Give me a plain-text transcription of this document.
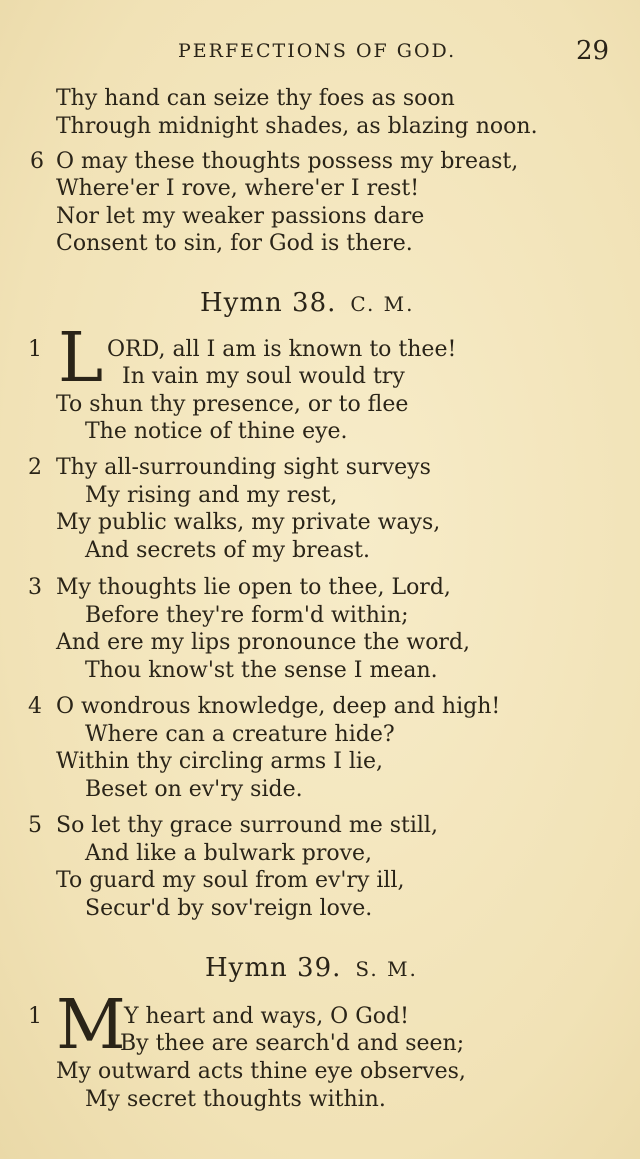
PERFECTIONS OF GOD.	29
Thy hand can seize thy foes as soon
Through midnight shades, as blazing noon.
6 O may these thoughts possess my breast,
Where'er I rove, where'er I rest!
Nor let my weaker passions dare
Consent to sin, for God is there.
Hymn 38. C. M.
1 L ORD, all I am is known to thee!
In vain my soul would try
To shun thy presence, or to flee
The notice of thine eye.
2 Thy all-surrounding sight surveys
My rising and my rest,
My public walks, my private ways,
And secrets of my breast.
3 My thoughts lie open to thee, Lord,
Before they're form'd within;
And ere my lips pronounce the word,
Thou know'st the sense I mean.
4 O wondrous knowledge, deep and high!
Where can a creature hide?
Within thy circling arms I lie,
Beset on ev'ry side.
5 So let thy grace surround me still,
And like a bulwark prove,
To guard my soul from ev'ry ill,
Secur'd by sov'reign love.
Hymn 39. S. M.
1 M
Y heart and ways, O God!
By thee are search'd and seen;
My outward acts thine eye observes,
My secret thoughts within.
